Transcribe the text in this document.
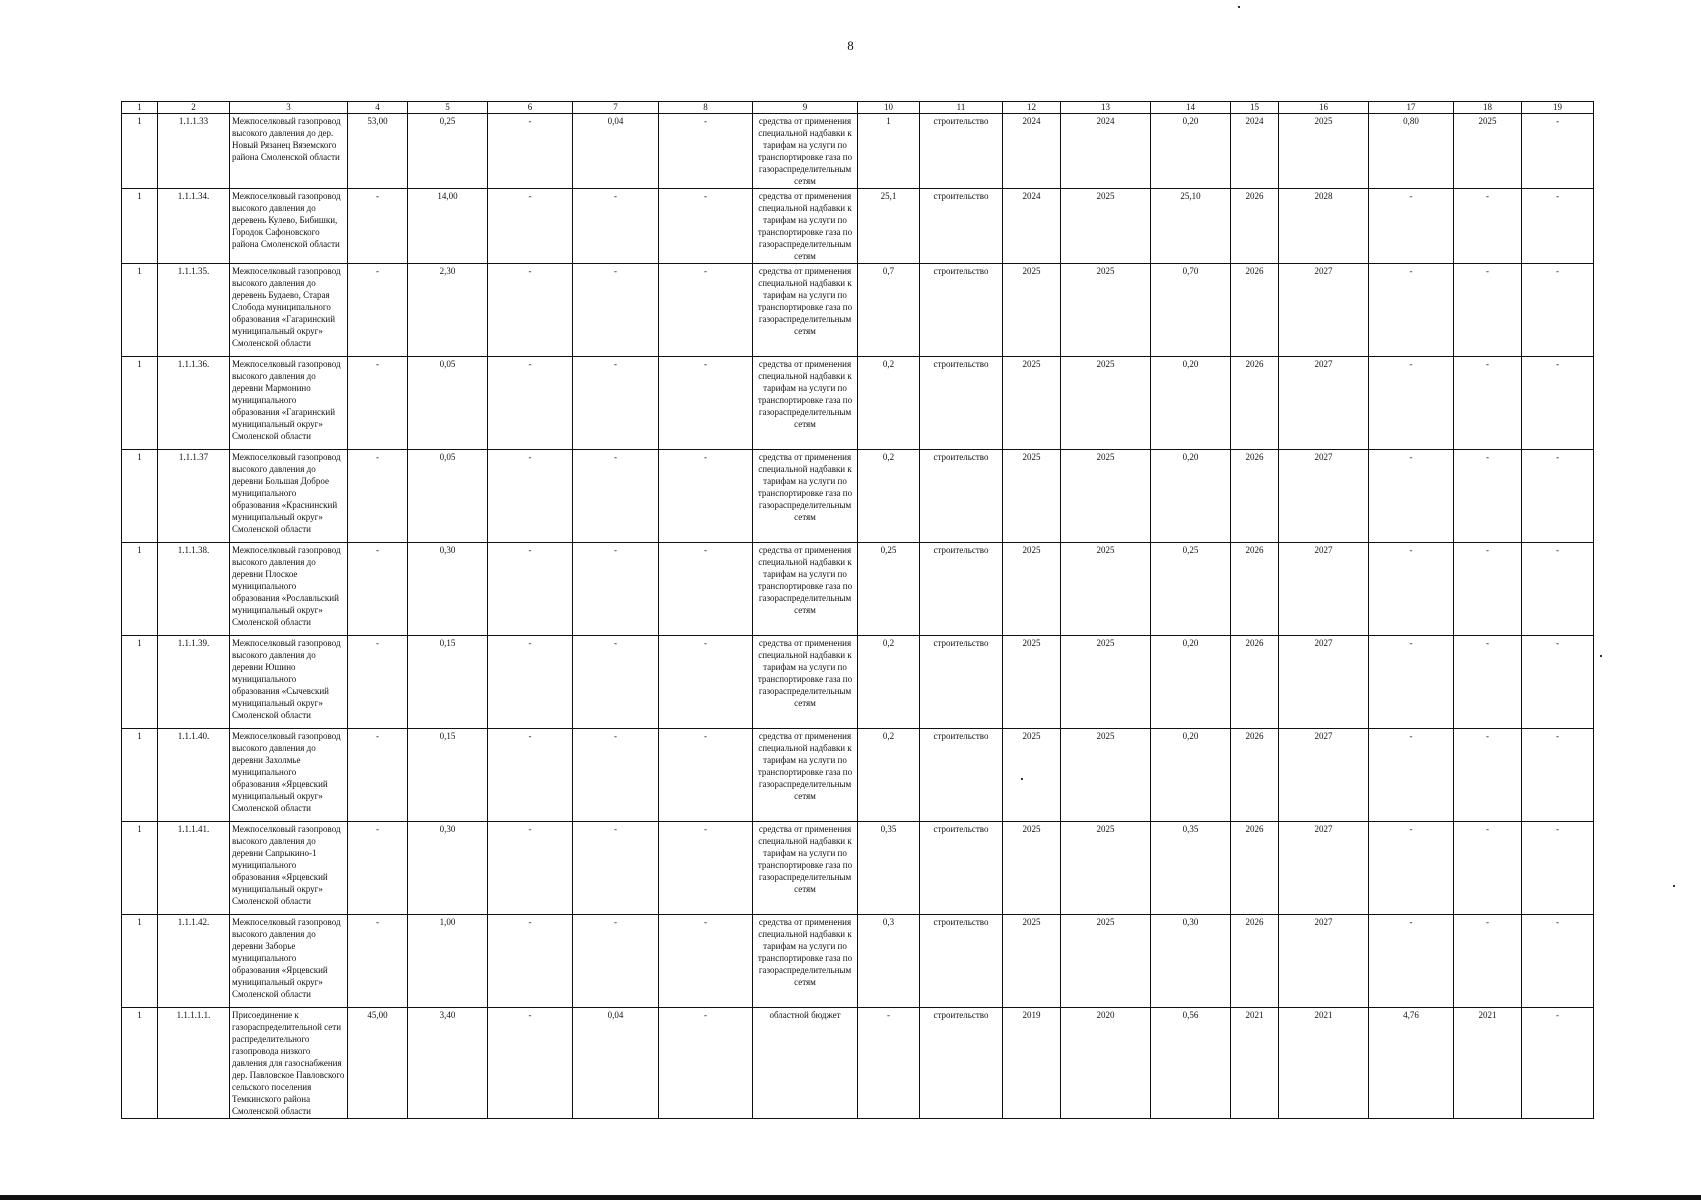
8
1	2	3	4	5	6	7	8	9	10	11	12	13	14	15	16	17	18	19
1	1.1.1.33	Межпоселковый газопровод высокого давления до дер. Новый Рязанец Вяземского района Смоленской области	53,00	0,25	-	0,04	-	средства от применения специальной надбавки к тарифам на услуги по транспортировке газа по газораспределительным сетям	1	строительство	2024	2024	0,20	2024	2025	0,80	2025	-
1	1.1.1.34.	Межпоселковый газопровод высокого давления до деревень Кулево, Бибишки, Городок Сафоновского района Смоленской области	-	14,00	-	-	-	средства от применения специальной надбавки к тарифам на услуги по транспортировке газа по газораспределительным сетям	25,1	строительство	2024	2025	25,10	2026	2028	-	-	-
1	1.1.1.35.	Межпоселковый газопровод высокого давления до деревень Будаево, Старая Слобода муниципального образования «Гагаринский муниципальный округ» Смоленской области	-	2,30	-	-	-	средства от применения специальной надбавки к тарифам на услуги по транспортировке газа по газораспределительным сетям	0,7	строительство	2025	2025	0,70	2026	2027	-	-	-
1	1.1.1.36.	Межпоселковый газопровод высокого давления до деревни Мармонино муниципального образования «Гагаринский муниципальный округ» Смоленской области	-	0,05	-	-	-	средства от применения специальной надбавки к тарифам на услуги по транспортировке газа по газораспределительным сетям	0,2	строительство	2025	2025	0,20	2026	2027	-	-	-
1	1.1.1.37	Межпоселковый газопровод высокого давления до деревни Большая Доброе муниципального образования «Краснинский муниципальный округ» Смоленской области	-	0,05	-	-	-	средства от применения специальной надбавки к тарифам на услуги по транспортировке газа по газораспределительным сетям	0,2	строительство	2025	2025	0,20	2026	2027	-	-	-
1	1.1.1.38.	Межпоселковый газопровод высокого давления до деревни Плоское муниципального образования «Рославльский муниципальный округ» Смоленской области	-	0,30	-	-	-	средства от применения специальной надбавки к тарифам на услуги по транспортировке газа по газораспределительным сетям	0,25	строительство	2025	2025	0,25	2026	2027	-	-	-
1	1.1.1.39.	Межпоселковый газопровод высокого давления до деревни Юшино муниципального образования «Сычевский муниципальный округ» Смоленской области	-	0,15	-	-	-	средства от применения специальной надбавки к тарифам на услуги по транспортировке газа по газораспределительным сетям	0,2	строительство	2025	2025	0,20	2026	2027	-	-	-
1	1.1.1.40.	Межпоселковый газопровод высокого давления до деревни Захолмье муниципального образования «Ярцевский муниципальный округ» Смоленской области	-	0,15	-	-	-	средства от применения специальной надбавки к тарифам на услуги по транспортировке газа по газораспределительным сетям	0,2	строительство	2025	2025	0,20	2026	2027	-	-	-
1	1.1.1.41.	Межпоселковый газопровод высокого давления до деревни Сапрыкино-1 муниципального образования «Ярцевский муниципальный округ» Смоленской области	-	0,30	-	-	-	средства от применения специальной надбавки к тарифам на услуги по транспортировке газа по газораспределительным сетям	0,35	строительство	2025	2025	0,35	2026	2027	-	-	-
1	1.1.1.42.	Межпоселковый газопровод высокого давления до деревни Заборье муниципального образования «Ярцевский муниципальный округ» Смоленской области	-	1,00	-	-	-	средства от применения специальной надбавки к тарифам на услуги по транспортировке газа по газораспределительным сетям	0,3	строительство	2025	2025	0,30	2026	2027	-	-	-
1	1.1.1.1.1.	Присоединение к газораспределительной сети распределительного газопровода низкого давления для газоснабжения дер. Павловское Павловского сельского поселения Темкинского района Смоленской области	45,00	3,40	-	0,04	-	областной бюджет	-	строительство	2019	2020	0,56	2021	2021	4,76	2021	-
